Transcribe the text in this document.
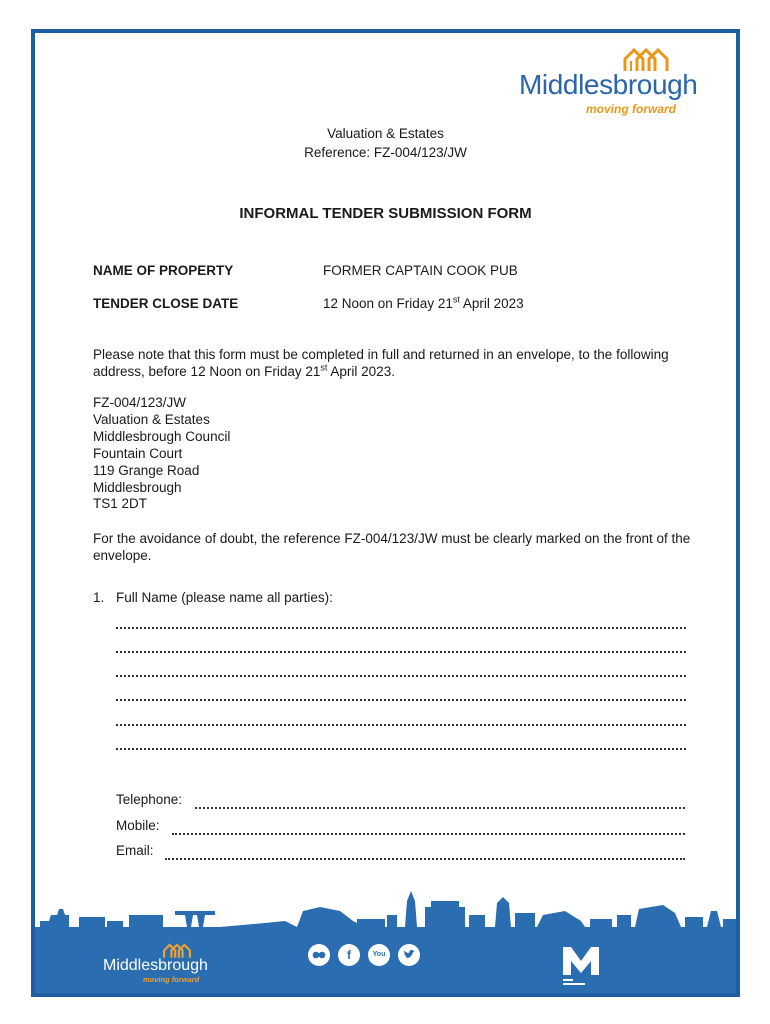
Middlesbrough
moving forward
Valuation & Estates
Reference: FZ-004/123/JW
INFORMAL TENDER SUBMISSION FORM
NAME OF PROPERTY	FORMER CAPTAIN COOK PUB
TENDER CLOSE DATE	12 Noon on Friday 21st April 2023
Please note that this form must be completed in full and returned in an envelope, to the following address, before 12 Noon on Friday 21st April 2023.
FZ-004/123/JW
Valuation & Estates
Middlesbrough Council
Fountain Court
119 Grange Road
Middlesbrough
TS1 2DT
For the avoidance of doubt, the reference FZ-004/123/JW must be clearly marked on the front of the envelope.
1. Full Name (please name all parties):
Telephone:
Mobile:
Email:
Middlesbrough
moving forward
f	You
